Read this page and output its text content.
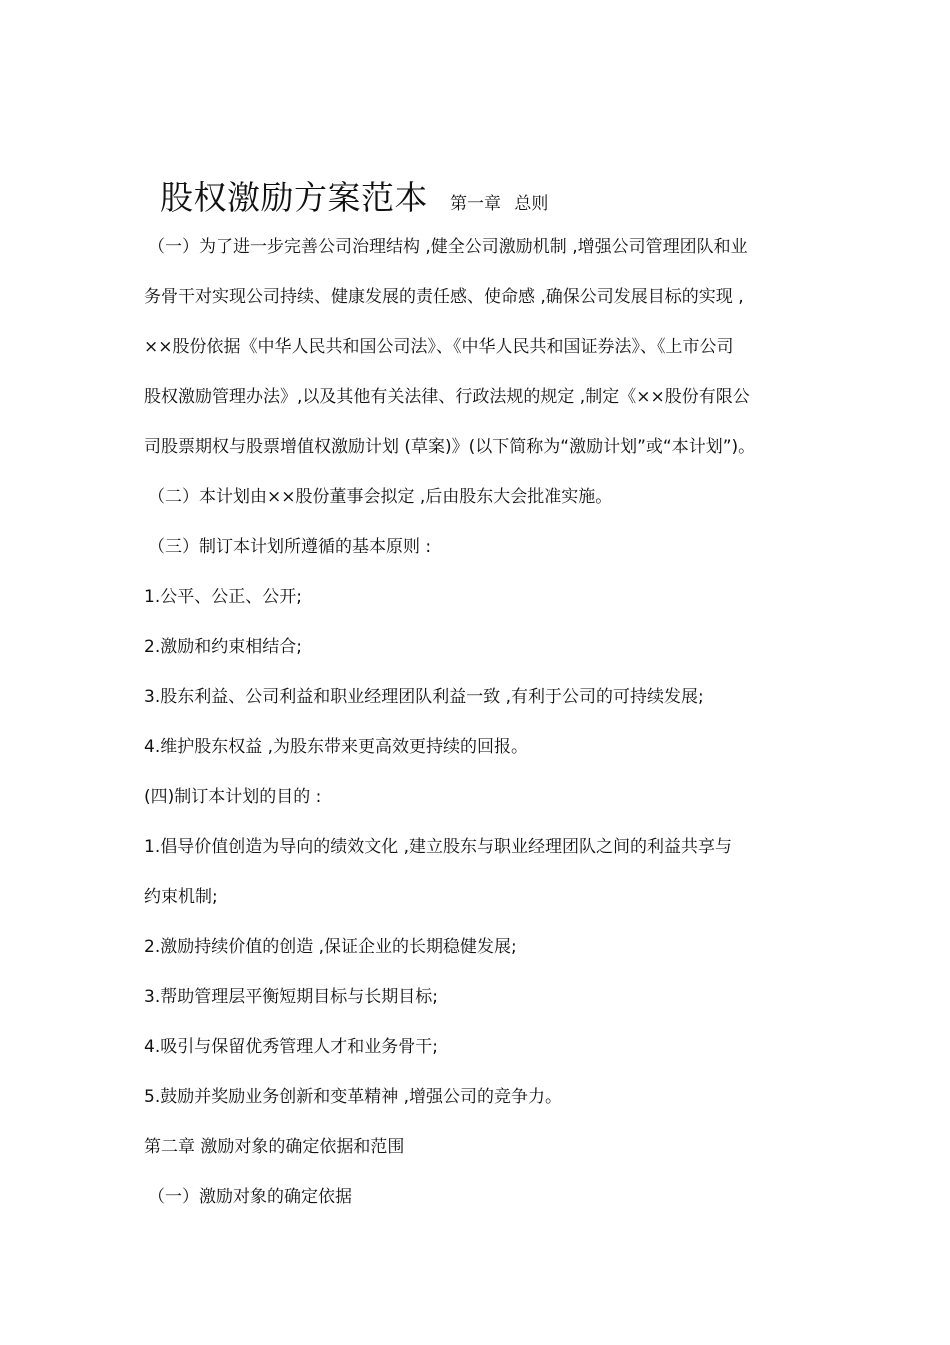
股权激励方案范本 第一章 总则
（一）为了进一步完善公司治理结构 ,健全公司激励机制 ,增强公司管理团队和业
务骨干对实现公司持续、健康发展的责任感、使命感 ,确保公司发展目标的实现 ,
××股份依据《中华人民共和国公司法》、《中华人民共和国证券法》、《上市公司
股权激励管理办法》,以及其他有关法律、行政法规的规定 ,制定《××股份有限公
司股票期权与股票增值权激励计划 (草案)》(以下简称为“激励计划”或“本计划”)。
（二）本计划由××股份董事会拟定 ,后由股东大会批准实施。
（三）制订本计划所遵循的基本原则 :
1.公平、公正、公开;
2.激励和约束相结合;
3.股东利益、公司利益和职业经理团队利益一致 ,有利于公司的可持续发展;
4.维护股东权益 ,为股东带来更高效更持续的回报。
(四)制订本计划的目的 :
1.倡导价值创造为导向的绩效文化 ,建立股东与职业经理团队之间的利益共享与
约束机制;
2.激励持续价值的创造 ,保证企业的长期稳健发展;
3.帮助管理层平衡短期目标与长期目标;
4.吸引与保留优秀管理人才和业务骨干;
5.鼓励并奖励业务创新和变革精神 ,增强公司的竞争力。
第二章 激励对象的确定依据和范围
（一）激励对象的确定依据
